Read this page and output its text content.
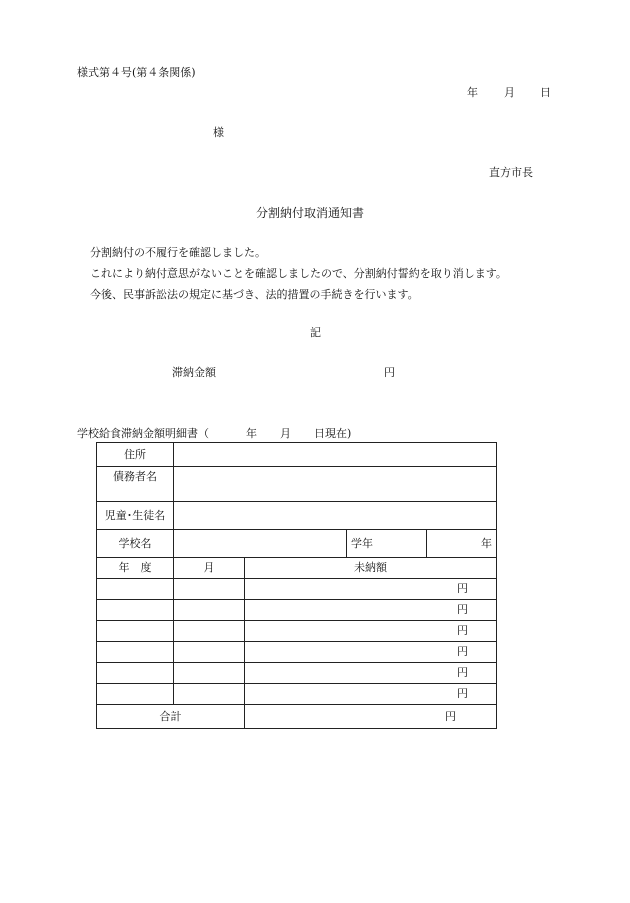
様式第４号(第４条関係)
年 月 日
様
直方市長
分割納付取消通知書
分割納付の不履行を確認しました。
これにより納付意思がないことを確認しましたので、分割納付誓約を取り消します。
今後、民事訴訟法の規定に基づき、法的措置の手続きを行います。
記
滞納金額	円
学校給食滞納金額明細書（	年 月 日現在)
住所				
債務者名				
児童･生徒名				
学校名			学年	年
年　度	月	未納額		
		円		
		円		
		円		
		円		
		円		
		円		
合計		円		
